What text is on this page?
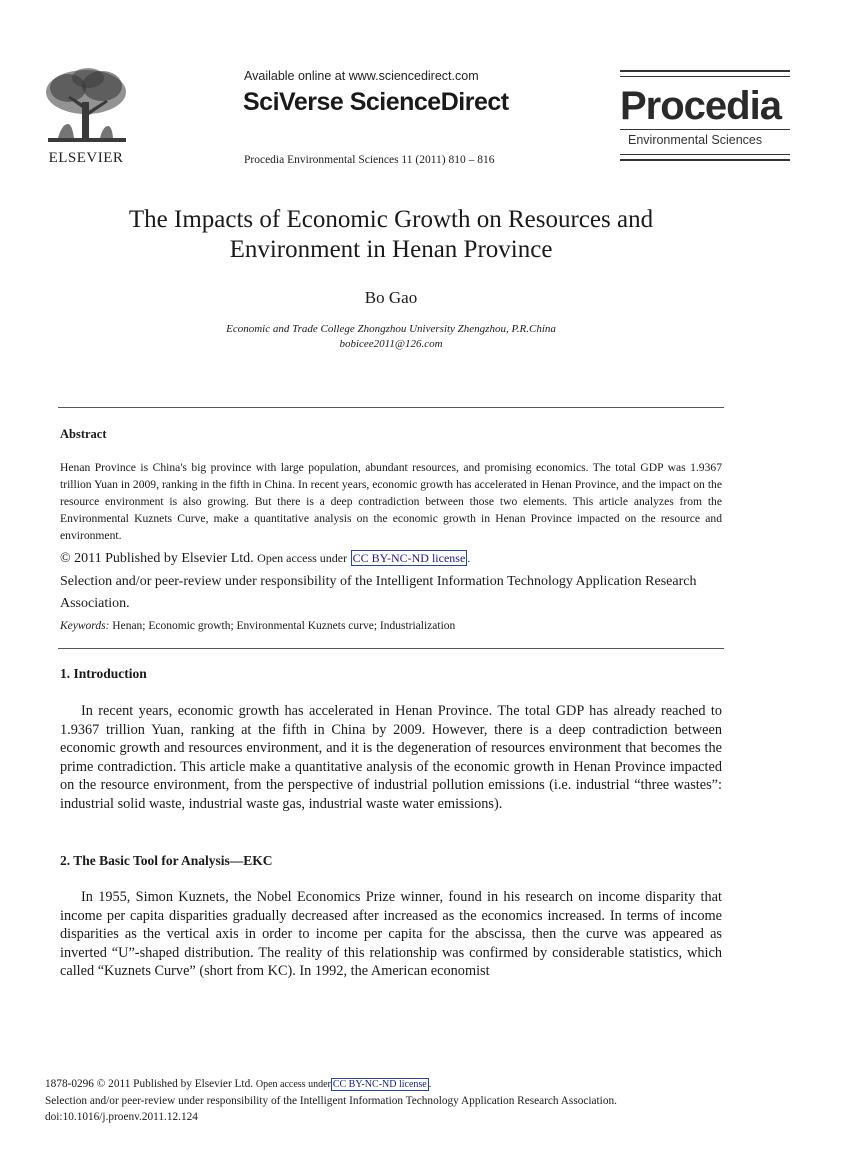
ELSEVIER
Available online at www.sciencedirect.com
SciVerse ScienceDirect
Procedia Environmental Sciences 11 (2011) 810 – 816
Procedia
Environmental Sciences
The Impacts of Economic Growth on Resources and
Environment in Henan Province
Bo Gao
Economic and Trade College Zhongzhou University Zhengzhou, P.R.China
bobicee2011@126.com
Abstract
Henan Province is China's big province with large population, abundant resources, and promising economics. The total GDP was 1.9367 trillion Yuan in 2009, ranking in the fifth in China. In recent years, economic growth has accelerated in Henan Province, and the impact on the resource environment is also growing. But there is a deep contradiction between those two elements. This article analyzes from the Environmental Kuznets Curve, make a quantitative analysis on the economic growth in Henan Province impacted on the resource and environment.
© 2011 Published by Elsevier Ltd. Open access under CC BY-NC-ND license .
Selection and/or peer-review under responsibility of the Intelligent Information Technology Application Research Association.
Keywords: Henan; Economic growth; Environmental Kuznets curve; Industrialization
1. Introduction
In recent years, economic growth has accelerated in Henan Province. The total GDP has already reached to 1.9367 trillion Yuan, ranking at the fifth in China by 2009. However, there is a deep contradiction between economic growth and resources environment, and it is the degeneration of resources environment that becomes the prime contradiction. This article make a quantitative analysis of the economic growth in Henan Province impacted on the resource environment, from the perspective of industrial pollution emissions (i.e. industrial “three wastes”: industrial solid waste, industrial waste gas, industrial waste water emissions).
2. The Basic Tool for Analysis—EKC
In 1955, Simon Kuznets, the Nobel Economics Prize winner, found in his research on income disparity that income per capita disparities gradually decreased after increased as the economics increased. In terms of income disparities as the vertical axis in order to income per capita for the abscissa, then the curve was appeared as inverted “U”-shaped distribution. The reality of this relationship was confirmed by considerable statistics, which called “Kuznets Curve” (short from KC). In 1992, the American economist
1878-0296 © 2011 Published by Elsevier Ltd. Open access under CC BY-NC-ND license .
Selection and/or peer-review under responsibility of the Intelligent Information Technology Application Research Association.
doi:10.1016/j.proenv.2011.12.124
